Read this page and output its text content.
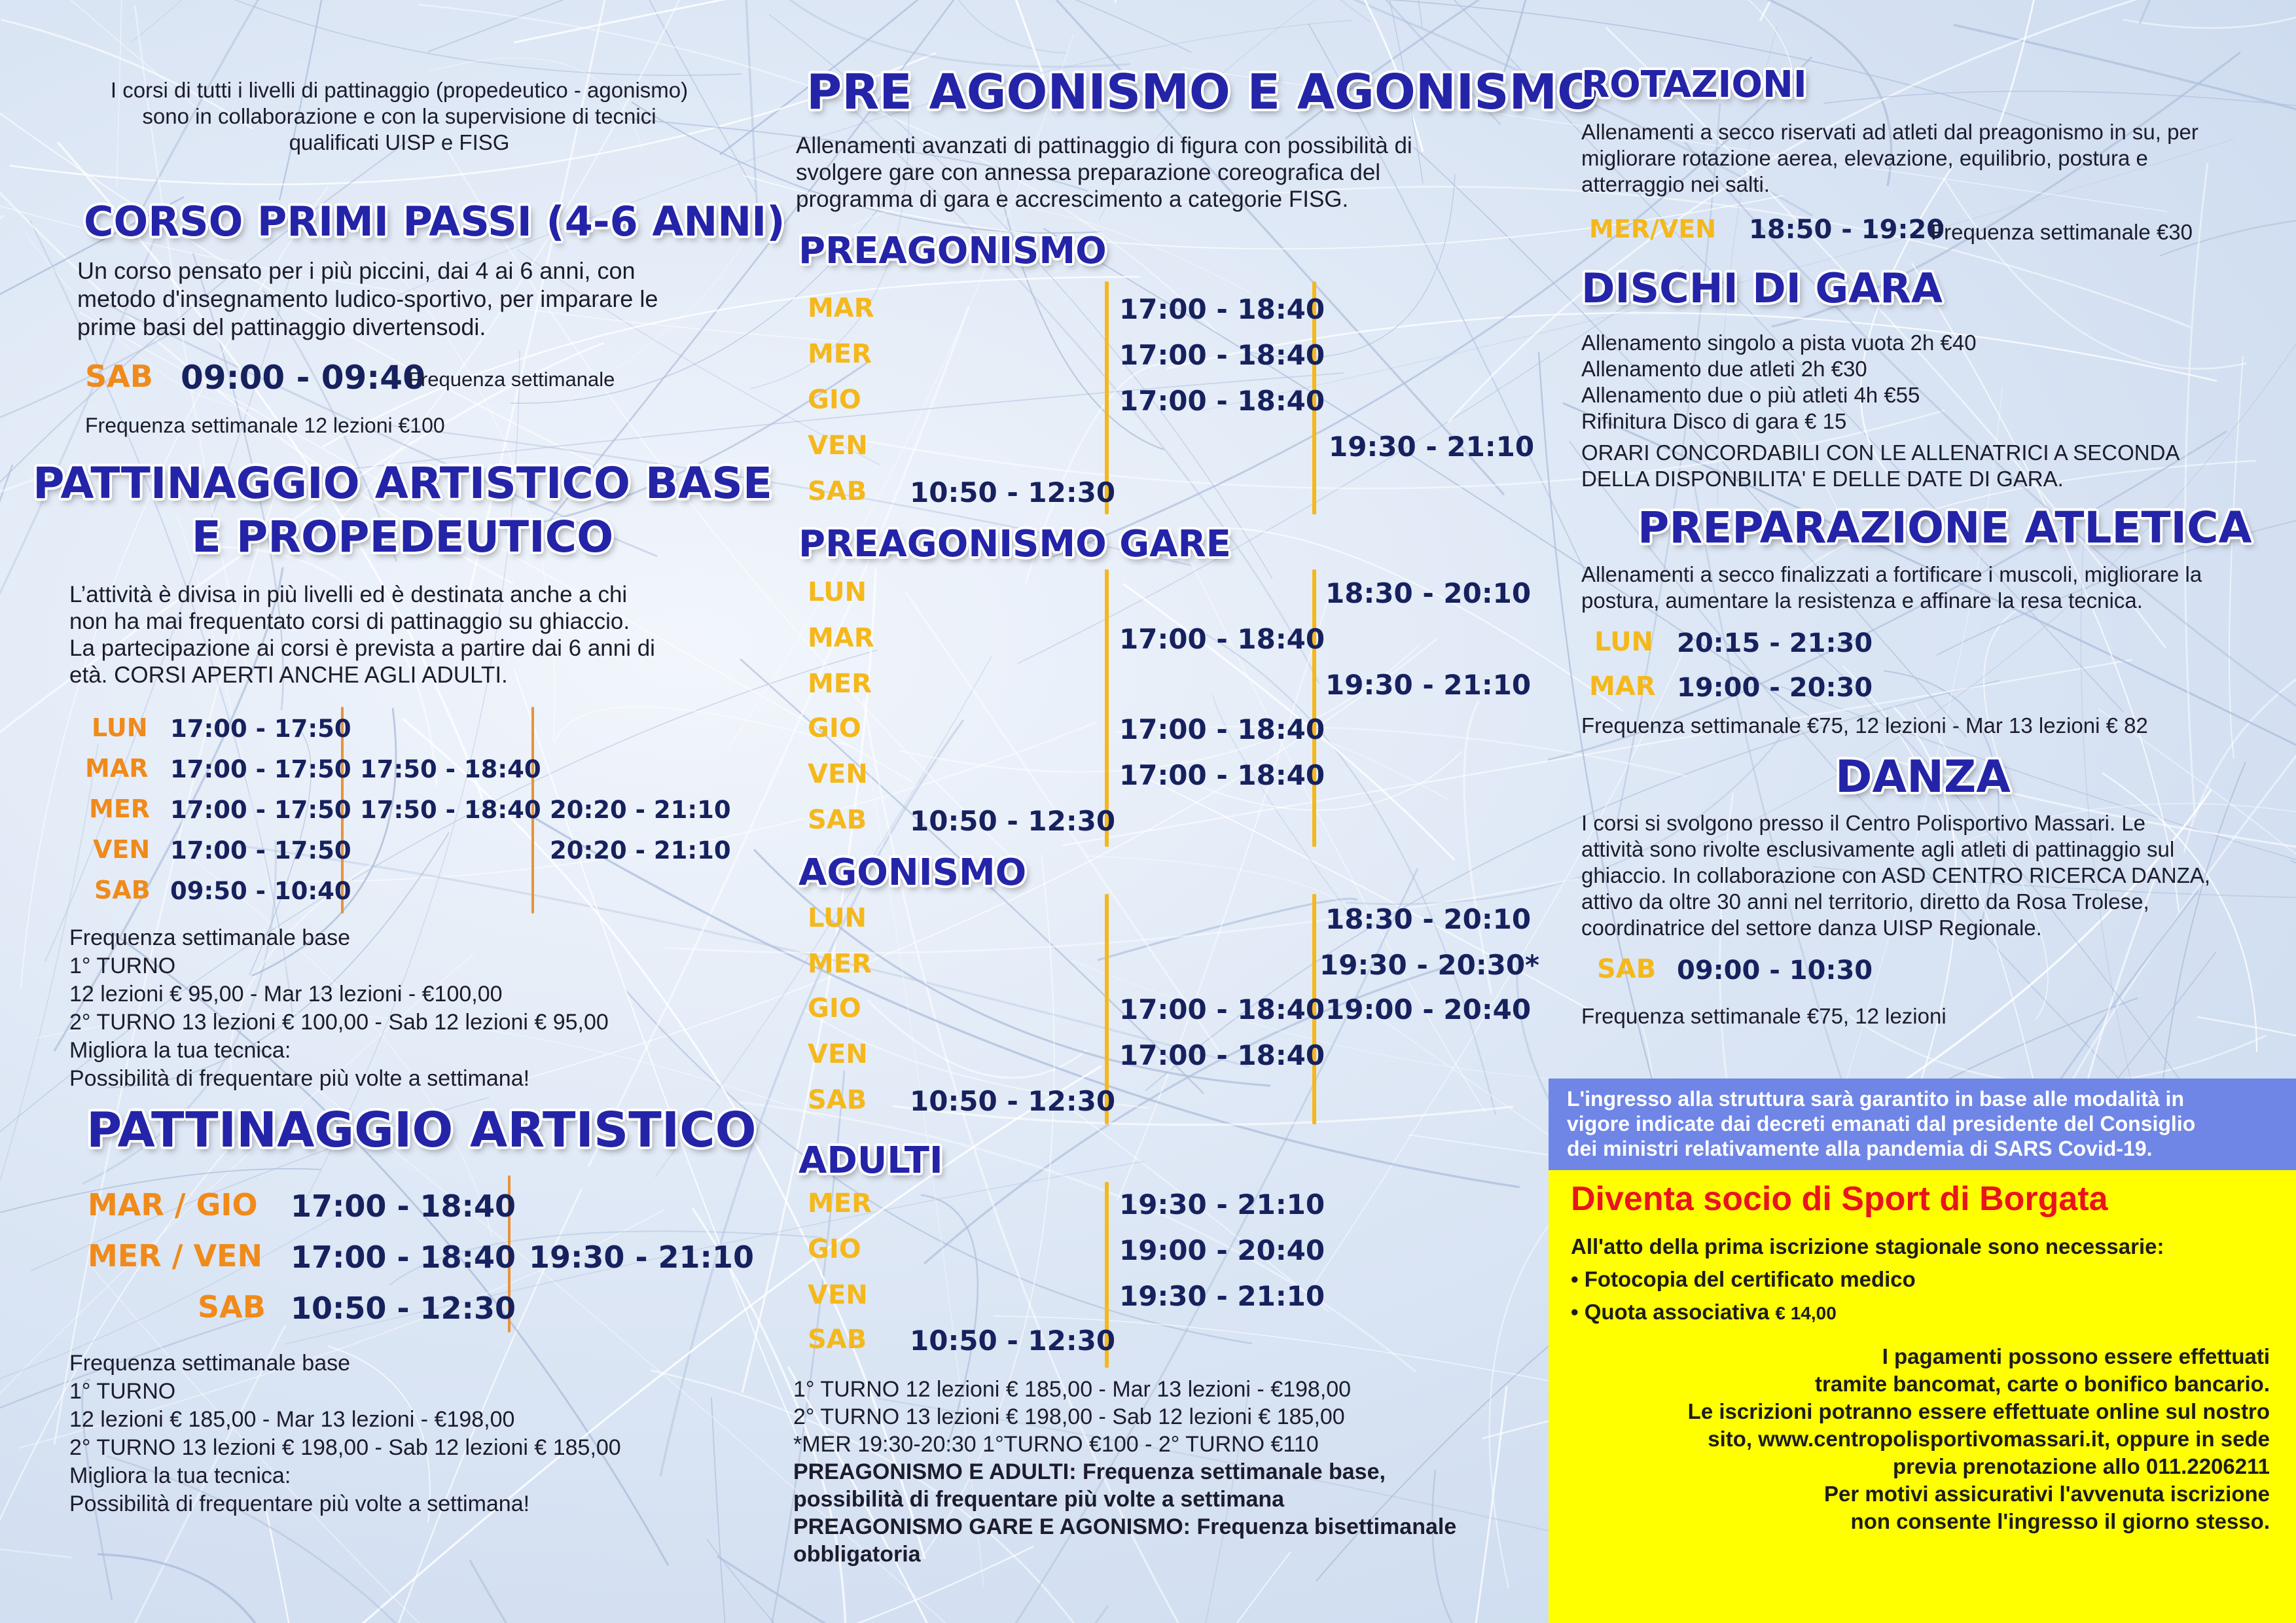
I corsi di tutti i livelli di pattinaggio (propedeutico - agonismo)
sono in collaborazione e con la supervisione di tecnici
qualificati UISP e FISG
CORSO PRIMI PASSI (4-6 ANNI)
Un corso pensato per i più piccini, dai 4 ai 6 anni, con
metodo d'insegnamento ludico-sportivo, per imparare le
prime basi del pattinaggio divertensodi.
SAB 09:00 - 09:40
Frequenza settimanale
Frequenza settimanale 12 lezioni €100
PATTINAGGIO ARTISTICO BASE
E PROPEDEUTICO
L’attività è divisa in più livelli ed è destinata anche a chi
non ha mai frequentato corsi di pattinaggio su ghiaccio.
La partecipazione ai corsi è prevista a partire dai 6 anni di
età. CORSI APERTI ANCHE AGLI ADULTI.
LUN 17:00 - 17:50
MAR 17:00 - 17:50 17:50 - 18:40
MER 17:00 - 17:50 17:50 - 18:40 20:20 - 21:10
VEN 17:00 - 17:50	20:20 - 21:10
SAB 09:50 - 10:40
Frequenza settimanale base
1° TURNO
12 lezioni € 95,00 - Mar 13 lezioni - €100,00
2° TURNO 13 lezioni € 100,00 - Sab 12 lezioni € 95,00
Migliora la tua tecnica:
Possibilità di frequentare più volte a settimana!
PATTINAGGIO ARTISTICO
MAR / GIO 17:00 - 18:40
MER / VEN 17:00 - 18:40 19:30 - 21:10
SAB 10:50 - 12:30
Frequenza settimanale base
1° TURNO
12 lezioni € 185,00 - Mar 13 lezioni - €198,00
2° TURNO 13 lezioni € 198,00 - Sab 12 lezioni € 185,00
Migliora la tua tecnica:
Possibilità di frequentare più volte a settimana!
PRE AGONISMO E AGONISMO
Allenamenti avanzati di pattinaggio di figura con possibilità di
svolgere gare con annessa preparazione coreografica del
programma di gara e accrescimento a categorie FISG.
PREAGONISMO
MAR	17:00 - 18:40
MER	17:00 - 18:40
GIO	17:00 - 18:40
VEN	19:30 - 21:10
SAB 10:50 - 12:30
PREAGONISMO GARE
LUN	18:30 - 20:10
MAR	17:00 - 18:40
MER	19:30 - 21:10
GIO	17:00 - 18:40
VEN	17:00 - 18:40
SAB 10:50 - 12:30
AGONISMO
LUN	18:30 - 20:10
MER	19:30 - 20:30*
GIO	17:00 - 18:40 19:00 - 20:40
VEN	17:00 - 18:40
SAB 10:50 - 12:30
ADULTI
MER	19:30 - 21:10
GIO	19:00 - 20:40
VEN	19:30 - 21:10
SAB 10:50 - 12:30
1° TURNO 12 lezioni € 185,00 - Mar 13 lezioni - €198,00
2° TURNO 13 lezioni € 198,00 - Sab 12 lezioni € 185,00
*MER 19:30-20:30 1°TURNO €100 - 2° TURNO €110
PREAGONISMO E ADULTI: Frequenza settimanale base,
possibilità di frequentare più volte a settimana
PREAGONISMO GARE E AGONISMO: Frequenza bisettimanale
obbligatoria
ROTAZIONI
Allenamenti a secco riservati ad atleti dal preagonismo in su, per
migliorare rotazione aerea, elevazione, equilibrio, postura e
atterraggio nei salti.
MER/VEN 18:50 - 19:20
Frequenza settimanale €30
DISCHI DI GARA
Allenamento singolo a pista vuota 2h €40
Allenamento due atleti 2h €30
Allenamento due o più atleti 4h €55
Rifinitura Disco di gara € 15
ORARI CONCORDABILI CON LE ALLENATRICI A SECONDA
DELLA DISPONBILITA' E DELLE DATE DI GARA.
PREPARAZIONE ATLETICA
Allenamenti a secco finalizzati a fortificare i muscoli, migliorare la
postura, aumentare la resistenza e affinare la resa tecnica.
LUN 20:15 - 21:30
MAR 19:00 - 20:30
Frequenza settimanale €75, 12 lezioni - Mar 13 lezioni € 82
DANZA
I corsi si svolgono presso il Centro Polisportivo Massari. Le
attività sono rivolte esclusivamente agli atleti di pattinaggio sul
ghiaccio. In collaborazione con ASD CENTRO RICERCA DANZA,
attivo da oltre 30 anni nel territorio, diretto da Rosa Trolese,
coordinatrice del settore danza UISP Regionale.
SAB 09:00 - 10:30
Frequenza settimanale €75, 12 lezioni
L'ingresso alla struttura sarà garantito in base alle modalità in
vigore indicate dai decreti emanati dal presidente del Consiglio
dei ministri relativamente alla pandemia di SARS Covid-19.
Diventa socio di Sport di Borgata
All'atto della prima iscrizione stagionale sono necessarie:
• Fotocopia del certificato medico
• Quota associativa € 14,00
I pagamenti possono essere effettuati
tramite bancomat, carte o bonifico bancario.
Le iscrizioni potranno essere effettuate online sul nostro
sito, www.centropolisportivomassari.it, oppure in sede
previa prenotazione allo 011.2206211
Per motivi assicurativi l'avvenuta iscrizione
non consente l'ingresso il giorno stesso.
